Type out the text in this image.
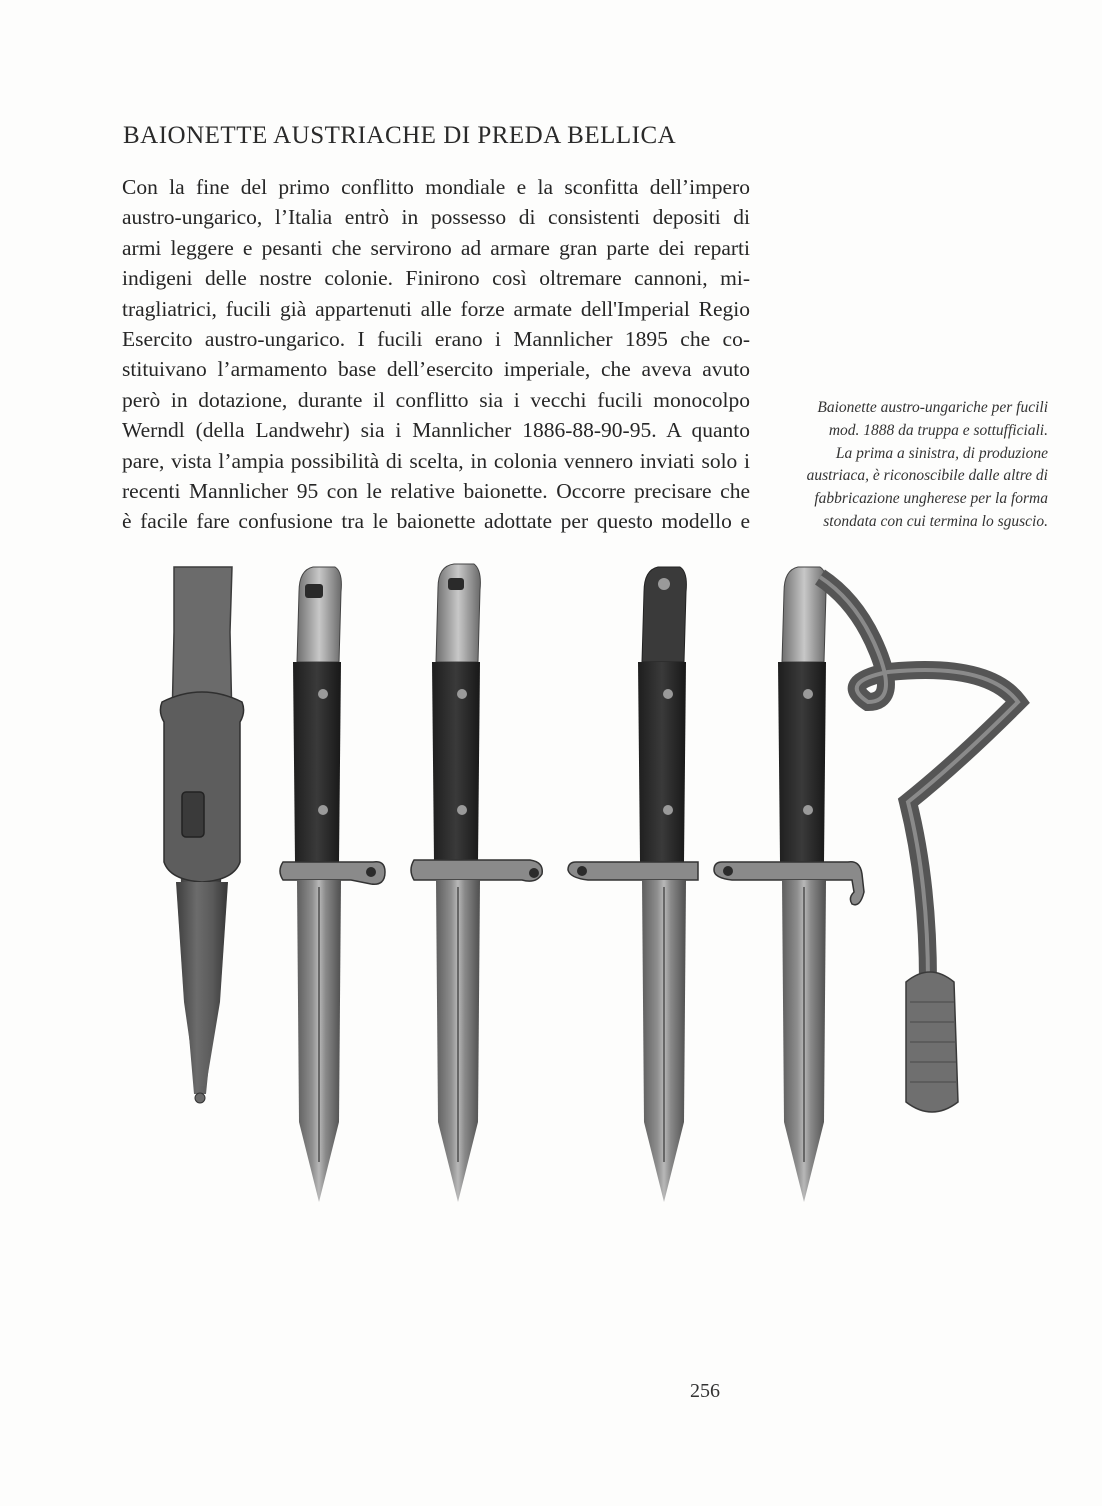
BAIONETTE AUSTRIACHE DI PREDA BELLICA
Con la fine del primo conflitto mondiale e la sconfitta dell’impero
austro-ungarico, l’Italia entrò in possesso di consistenti depositi di
armi leggere e pesanti che servirono ad armare gran parte dei reparti
indigeni delle nostre colonie. Finirono così oltremare cannoni, mi-
tragliatrici, fucili già appartenuti alle forze armate dell'Imperial Regio
Esercito austro-ungarico. I fucili erano i Mannlicher 1895 che co-
stituivano l’armamento base dell’esercito imperiale, che aveva avuto
però in dotazione, durante il conflitto sia i vecchi fucili monocolpo
Werndl (della Landwehr) sia i Mannlicher 1886-88-90-95. A quanto
pare, vista l’ampia possibilità di scelta, in colonia vennero inviati solo i
recenti Mannlicher 95 con le relative baionette. Occorre precisare che
è facile fare confusione tra le baionette adottate per questo modello e
Baionette austro-ungariche per fucili
mod. 1888 da truppa e sottufficiali.
La prima a sinistra, di produzione
austriaca, è riconoscibile dalle altre di
fabbricazione ungherese per la forma
stondata con cui termina lo sguscio.
256
